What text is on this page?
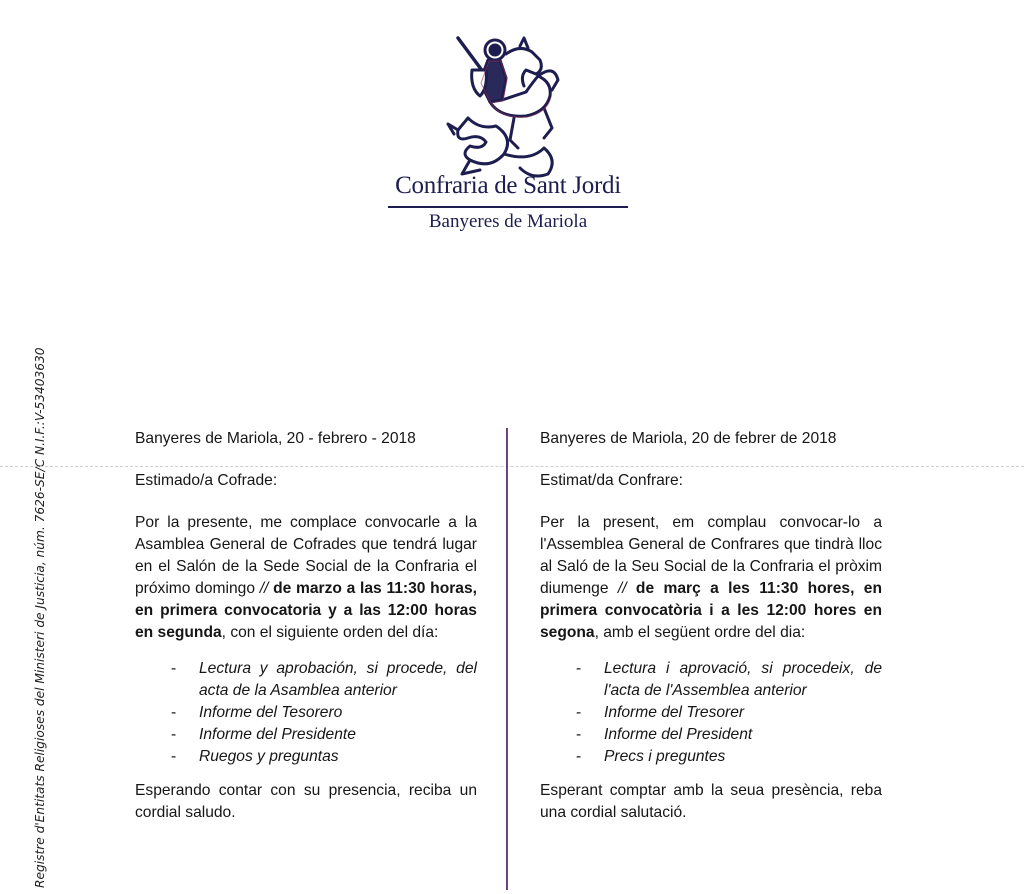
Confraria de Sant Jordi
Banyeres de Mariola
Registre d'Entitats Religioses del Ministeri de Justicia, núm. 7626-SE/C N.I.F.:V-53403630	Banyeres de Mariola, 20 - febrero - 2018

Estimado/a Cofrade:

Por la presente, me complace convocarle a la Asamblea General de Cofrades que tendrá lugar en el Salón de la Sede Social de la Confraria el próximo domingo // de marzo a las 11:30 horas, en primera convocatoria y a las 12:00 horas en segunda, con el siguiente orden del día:

- Lectura y aprobación, si procede, del acta de la Asamblea anterior
- Informe del Tesorero
- Informe del Presidente
- Ruegos y preguntas

Esperando contar con su presencia, reciba un cordial saludo.

Banyeres de Mariola, 20 de febrer de 2018

Estimat/da Confrare:

Per la present, em complau convocar-lo a l'Assemblea General de Confrares que tindrà lloc al Saló de la Seu Social de la Confraria el pròxim diumenge // de març a les 11:30 hores, en primera convocatòria i a les 12:00 hores en segona, amb el següent ordre del dia:

- Lectura i aprovació, si procedeix, de l'acta de l'Assemblea anterior
- Informe del Tresorer
- Informe del President
- Precs i preguntes

Esperant comptar amb la seua presència, reba una cordial salutació.
